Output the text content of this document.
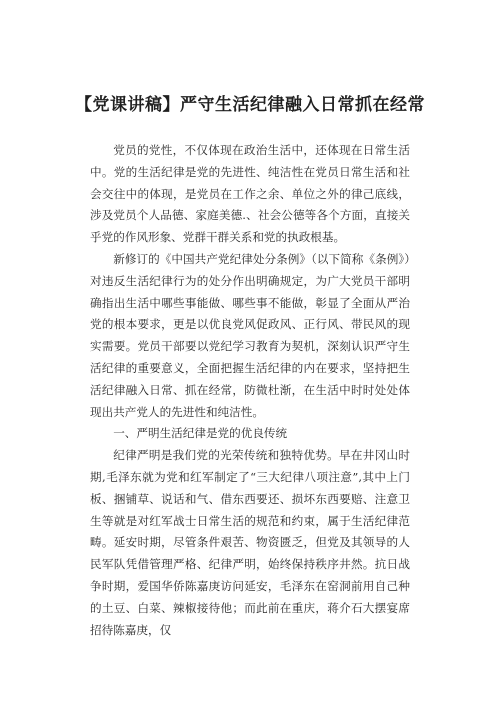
【党课讲稿】严守生活纪律融入日常抓在经常

党员的党性，不仅体现在政治生活中，还体现在日常生活中。党的生活纪律是党的先进性、纯洁性在党员日常生活和社会交往中的体现，是党员在工作之余、单位之外的律己底线，涉及党员个人品德、家庭美德.、社会公德等各个方面，直接关乎党的作风形象、党群干群关系和党的执政根基。

新修订的《中国共产党纪律处分条例》（以下简称《条例》）对违反生活纪律行为的处分作出明确规定，为广大党员干部明确指出生活中哪些事能做、哪些事不能做，彰显了全面从严治党的根本要求，更是以优良党风促政风、正行风、带民风的现实需要。党员干部要以党纪学习教育为契机，深刻认识严守生活纪律的重要意义，全面把握生活纪律的内在要求，坚持把生活纪律融入日常、抓在经常，防微杜渐，在生活中时时处处体现出共产党人的先进性和纯洁性。

一、严明生活纪律是党的优良传统

纪律严明是我们党的光荣传统和独特优势。早在井冈山时期,毛泽东就为党和红军制定了“三大纪律八项注意”,其中上门板、捆铺草、说话和气、借东西要还、损坏东西要赔、注意卫生等就是对红军战士日常生活的规范和约束，属于生活纪律范畴。延安时期，尽管条件艰苦、物资匮乏，但党及其领导的人民军队凭借管理严格、纪律严明，始终保持秩序井然。抗日战争时期，爱国华侨陈嘉庚访问延安，毛泽东在窑洞前用自己种的土豆、白菜、辣椒接待他；而此前在重庆，蒋介石大摆宴席招待陈嘉庚，仅
